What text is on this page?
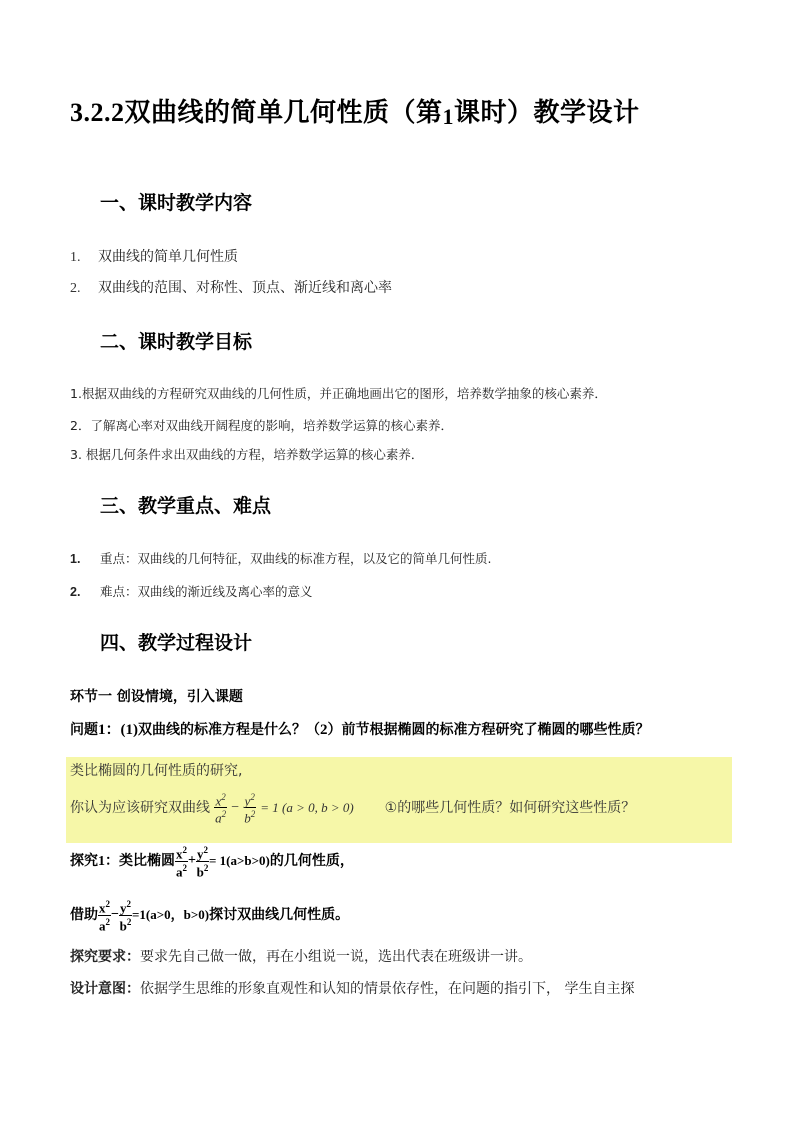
3.2.2双曲线的简单几何性质（第1课时）教学设计
一、课时教学内容
1. 双曲线的简单几何性质
2. 双曲线的范围、对称性、顶点、渐近线和离心率
二、课时教学目标
1.根据双曲线的方程研究双曲线的几何性质，并正确地画出它的图形，培养数学抽象的核心素养．
2．了解离心率对双曲线开阔程度的影响，培养数学运算的核心素养．
3. 根据几何条件求出双曲线的方程，培养数学运算的核心素养．
三、教学重点、难点
1. 重点：双曲线的几何特征，双曲线的标准方程，以及它的简单几何性质.
2. 难点：双曲线的渐近线及离心率的意义
四、教学过程设计
环节一 创设情境，引入课题
问题1：(1)双曲线的标准方程是什么？（2）前节根据椭圆的标准方程研究了椭圆的哪些性质？
类比椭圆的几何性质的研究,
你认为应该研究双曲线 $\frac{x^2}{a^2} - \frac{y^2}{b^2} = 1$ (a > 0, b > 0) ①的哪些几何性质？如何研究这些性质？
探究1：类比椭圆 $\frac{x^2}{a^2} + \frac{y^2}{b^2} = 1(a>b>0)$的几何性质，
借助 $\frac{x^2}{a^2} - \frac{y^2}{b^2} =1(a>0$，b>0)探讨双曲线几何性质。
探究要求：要求先自己做一做，再在小组说一说，选出代表在班级讲一讲。
设计意图：依据学生思维的形象直观性和认知的情景依存性，在问题的指引下， 学生自主探
